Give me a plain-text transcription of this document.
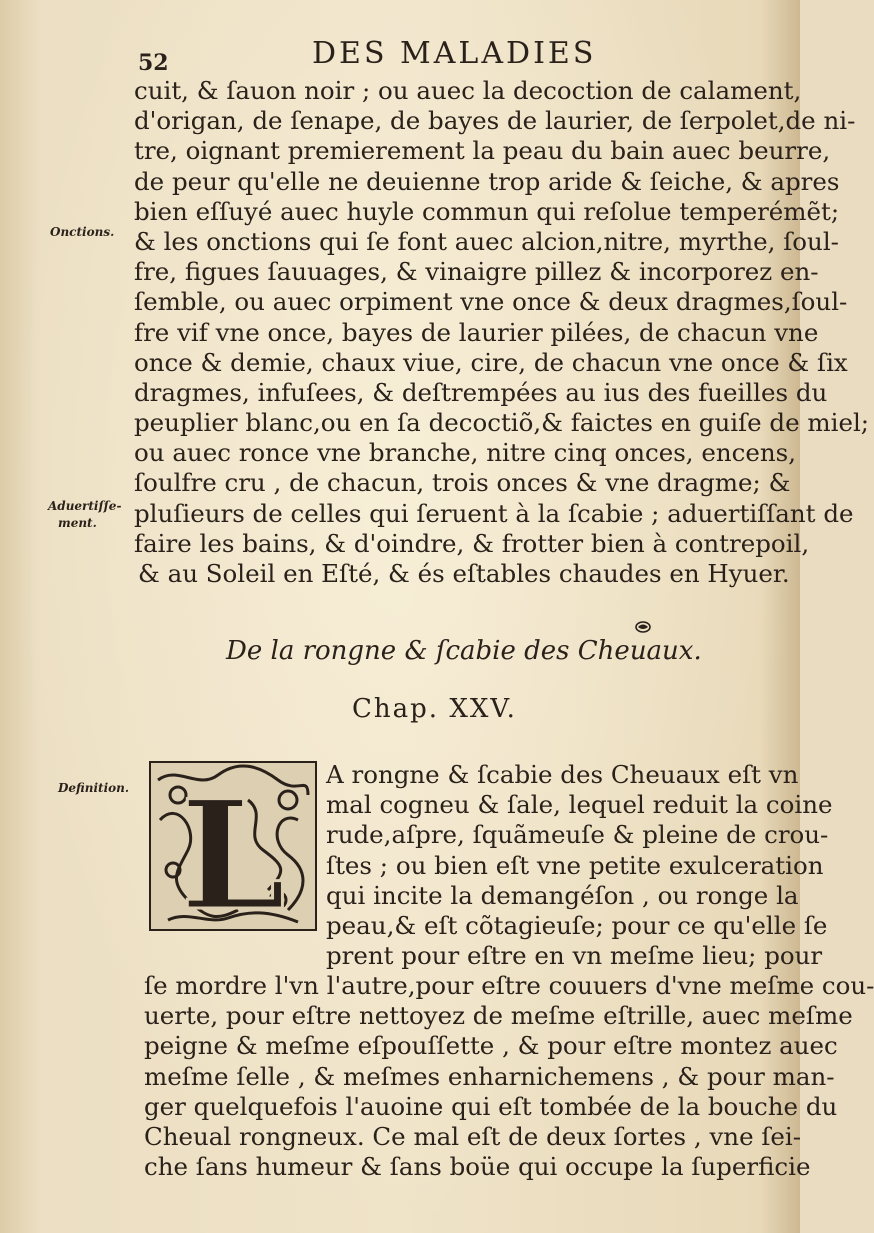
52	DES MALADIES
Onctions.
Aduertiſſe-
ment.
Definition.
cuit, & ſauon noir ; ou auec la decoction de calament,
d'origan, de ſenape, de bayes de laurier, de ſerpolet,de ni-
tre, oignant premierement la peau du bain auec beurre,
de peur qu'elle ne deuienne trop aride & ſeiche, & apres
bien eſſuyé auec huyle commun qui reſolue temperémẽt;
& les onctions qui ſe font auec alcion,nitre, myrthe, ſoul-
fre, figues ſauuages, & vinaigre pillez & incorporez en-
ſemble, ou auec orpiment vne once & deux dragmes,ſoul-
fre vif vne once, bayes de laurier pilées, de chacun vne
once & demie, chaux viue, cire, de chacun vne once & ſix
dragmes, infuſees, & deſtrempées au ius des fueilles du
peuplier blanc,ou en ſa decoctiõ,& faictes en guiſe de miel;
ou auec ronce vne branche, nitre cinq onces, encens,
ſoulfre cru , de chacun, trois onces & vne dragme; &
pluſieurs de celles qui ſeruent à la ſcabie ; aduertiſſant de
faire les bains, & d'oindre, & frotter bien à contrepoil,
& au Soleil en Eſté, & és eſtables chaudes en Hyuer.
De la rongne & ſcabie des Cheuaux.
Chap. XXV.
L A rongne & ſcabie des Cheuaux eſt vn
mal cogneu & ſale, lequel reduit la coine
rude,aſpre, ſquãmeuſe & pleine de crou-
ſtes ; ou bien eſt vne petite exulceration
qui incite la demangéſon , ou ronge la
peau,& eſt cõtagieuſe; pour ce qu'elle ſe
prent pour eſtre en vn meſme lieu; pour
ſe mordre l'vn l'autre,pour eſtre couuers d'vne meſme cou-
uerte, pour eſtre nettoyez de meſme eſtrille, auec meſme
peigne & meſme eſpouſſette , & pour eſtre montez auec
meſme ſelle , & meſmes enharnichemens , & pour man-
ger quelquefois l'auoine qui eſt tombée de la bouche du
Cheual rongneux. Ce mal eſt de deux ſortes , vne ſei-
che ſans humeur & ſans boüe qui occupe la ſuperficie
